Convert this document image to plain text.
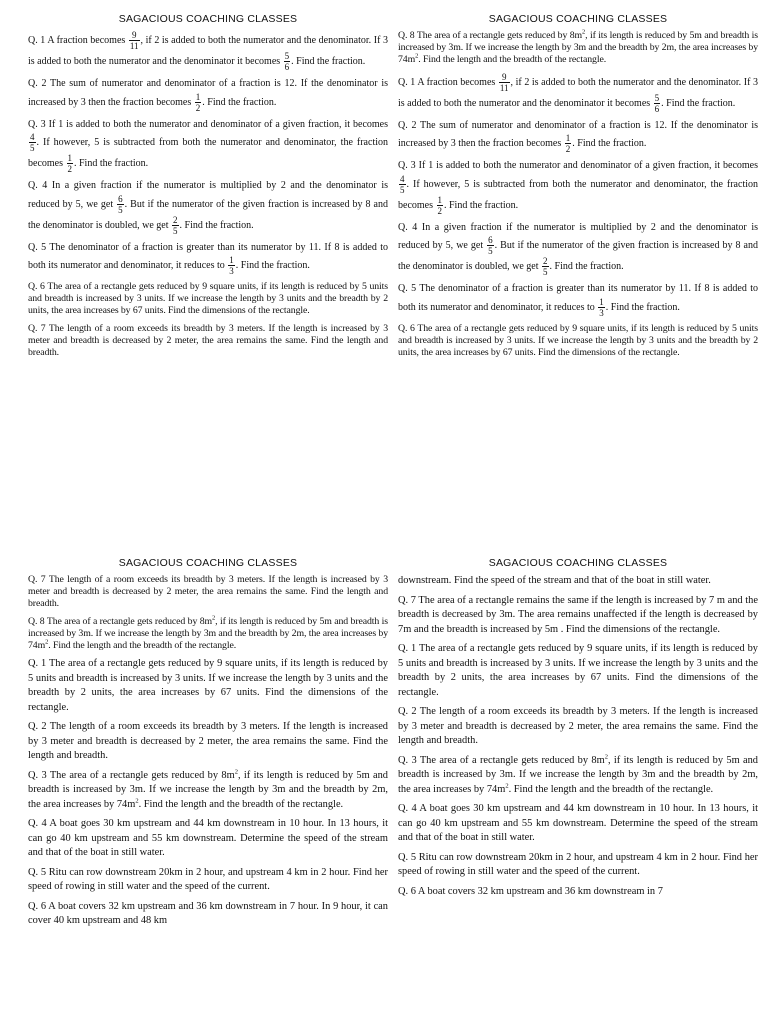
SAGACIOUS COACHING CLASSES

Q. 1 A fraction becomes $\frac{9}{11}$ , if 2 is added to both the numerator and the denominator. If 3 is added to both the numerator and the denominator it becomes $\frac{5}{6}$ . Find the fraction.

Q. 2 The sum of numerator and denominator of a fraction is 12. If the denominator is increased by 3 then the fraction becomes $\frac{1}{2}$ . Find the fraction.

Q. 3 If 1 is added to both the numerator and denominator of a given fraction, it becomes
$\frac{4}{5}$ . If however, 5 is subtracted from both the numerator and denominator, the fraction becomes $\frac{1}{2}$ . Find the fraction.

Q. 4 In a given fraction if the numerator is multiplied by 2 and the denominator is reduced by 5, we get $\frac{6}{5}$ . But if the numerator of the given fraction is increased by 8 and the denominator is doubled, we get $\frac{2}{5}$ . Find the fraction.

Q. 5 The denominator of a fraction is greater than its numerator by 11. If 8 is added to both its numerator and denominator, it reduces to $\frac{1}{3}$ . Find the fraction.

Q. 6 The area of a rectangle gets reduced by 9 square units, if its length is reduced by 5 units and breadth is increased by 3 units. If we increase the length by 3 units and the breadth by 2 units, the area increases by 67 units. Find the dimensions of the rectangle.

Q. 7 The length of a room exceeds its breadth by 3 meters. If the length is increased by 3 meter and breadth is decreased by 2 meter, the area remains the same. Find the length and breadth.

SAGACIOUS COACHING CLASSES

Q. 8 The area of a rectangle gets reduced by $8m^2$, if its length is reduced by 5m and breadth is increased by 3m. If we increase the length by 3m and the breadth by 2m, the area increases by $74m^2$. Find the length and the breadth of the rectangle.

Q. 1 A fraction becomes $\frac{9}{11}$ , if 2 is added to both the numerator and the denominator. If 3 is added to both the numerator and the denominator it becomes $\frac{5}{6}$ . Find the fraction.

Q. 2 The sum of numerator and denominator of a fraction is 12. If the denominator is increased by 3 then the fraction becomes $\frac{1}{2}$ . Find the fraction.

Q. 3 If 1 is added to both the numerator and denominator of a given fraction, it becomes
$\frac{4}{5}$ . If however, 5 is subtracted from both the numerator and denominator, the fraction becomes $\frac{1}{2}$ . Find the fraction.

Q. 4 In a given fraction if the numerator is multiplied by 2 and the denominator is reduced by 5, we get $\frac{6}{5}$ . But if the numerator of the given fraction is increased by 8 and the denominator is doubled, we get $\frac{2}{5}$ . Find the fraction.

Q. 5 The denominator of a fraction is greater than its numerator by 11. If 8 is added to both its numerator and denominator, it reduces to $\frac{1}{3}$ . Find the fraction.

Q. 6 The area of a rectangle gets reduced by 9 square units, if its length is reduced by 5 units and breadth is increased by 3 units. If we increase the length by 3 units and the breadth by 2 units, the area increases by 67 units. Find the dimensions of the rectangle.

SAGACIOUS COACHING CLASSES

Q. 7 The length of a room exceeds its breadth by 3 meters. If the length is increased by 3 meter and breadth is decreased by 2 meter, the area remains the same. Find the length and breadth.

Q. 8 The area of a rectangle gets reduced by $8m^2$, if its length is reduced by 5m and breadth is increased by 3m. If we increase the length by 3m and the breadth by 2m, the area increases by $74m^2$. Find the length and the breadth of the rectangle.

Q. 1 The area of a rectangle gets reduced by 9 square units, if its length is reduced by 5 units and breadth is increased by 3 units. If we increase the length by 3 units and the breadth by 2 units, the area increases by 67 units. Find the dimensions of the rectangle.

Q. 2 The length of a room exceeds its breadth by 3 meters. If the length is increased by 3 meter and breadth is decreased by 2 meter, the area remains the same. Find the length and breadth.

Q. 3 The area of a rectangle gets reduced by $8m^2$, if its length is reduced by 5m and breadth is increased by 3m. If we increase the length by 3m and the breadth by 2m, the area increases by $74m^2$. Find the length and the breadth of the rectangle.

Q. 4 A boat goes 30 km upstream and 44 km downstream in 10 hour. In 13 hours, it can go 40 km upstream and 55 km downstream. Determine the speed of the stream and that of the boat in still water.

Q. 5 Ritu can row downstream 20km in 2 hour, and upstream 4 km in 2 hour. Find her speed of rowing in still water and the speed of the current.

Q. 6 A boat covers 32 km upstream and 36 km downstream in 7 hour. In 9 hour, it can cover 40 km upstream and 48 km

SAGACIOUS COACHING CLASSES

downstream. Find the speed of the stream and that of the boat in still water.

Q. 7 The area of a rectangle remains the same if the length is increased by 7 m and the breadth is decreased by 3m. The area remains unaffected if the length is decreased by 7m and the breadth is increased by 5m . Find the dimensions of the rectangle.

Q. 1 The area of a rectangle gets reduced by 9 square units, if its length is reduced by 5 units and breadth is increased by 3 units. If we increase the length by 3 units and the breadth by 2 units, the area increases by 67 units. Find the dimensions of the rectangle.

Q. 2 The length of a room exceeds its breadth by 3 meters. If the length is increased by 3 meter and breadth is decreased by 2 meter, the area remains the same. Find the length and breadth.

Q. 3 The area of a rectangle gets reduced by $8m^2$, if its length is reduced by 5m and breadth is increased by 3m. If we increase the length by 3m and the breadth by 2m, the area increases by $74m^2$. Find the length and the breadth of the rectangle.

Q. 4 A boat goes 30 km upstream and 44 km downstream in 10 hour. In 13 hours, it can go 40 km upstream and 55 km downstream. Determine the speed of the stream and that of the boat in still water.

Q. 5 Ritu can row downstream 20km in 2 hour, and upstream 4 km in 2 hour. Find her speed of rowing in still water and the speed of the current.

Q. 6 A boat covers 32 km upstream and 36 km downstream in 7
